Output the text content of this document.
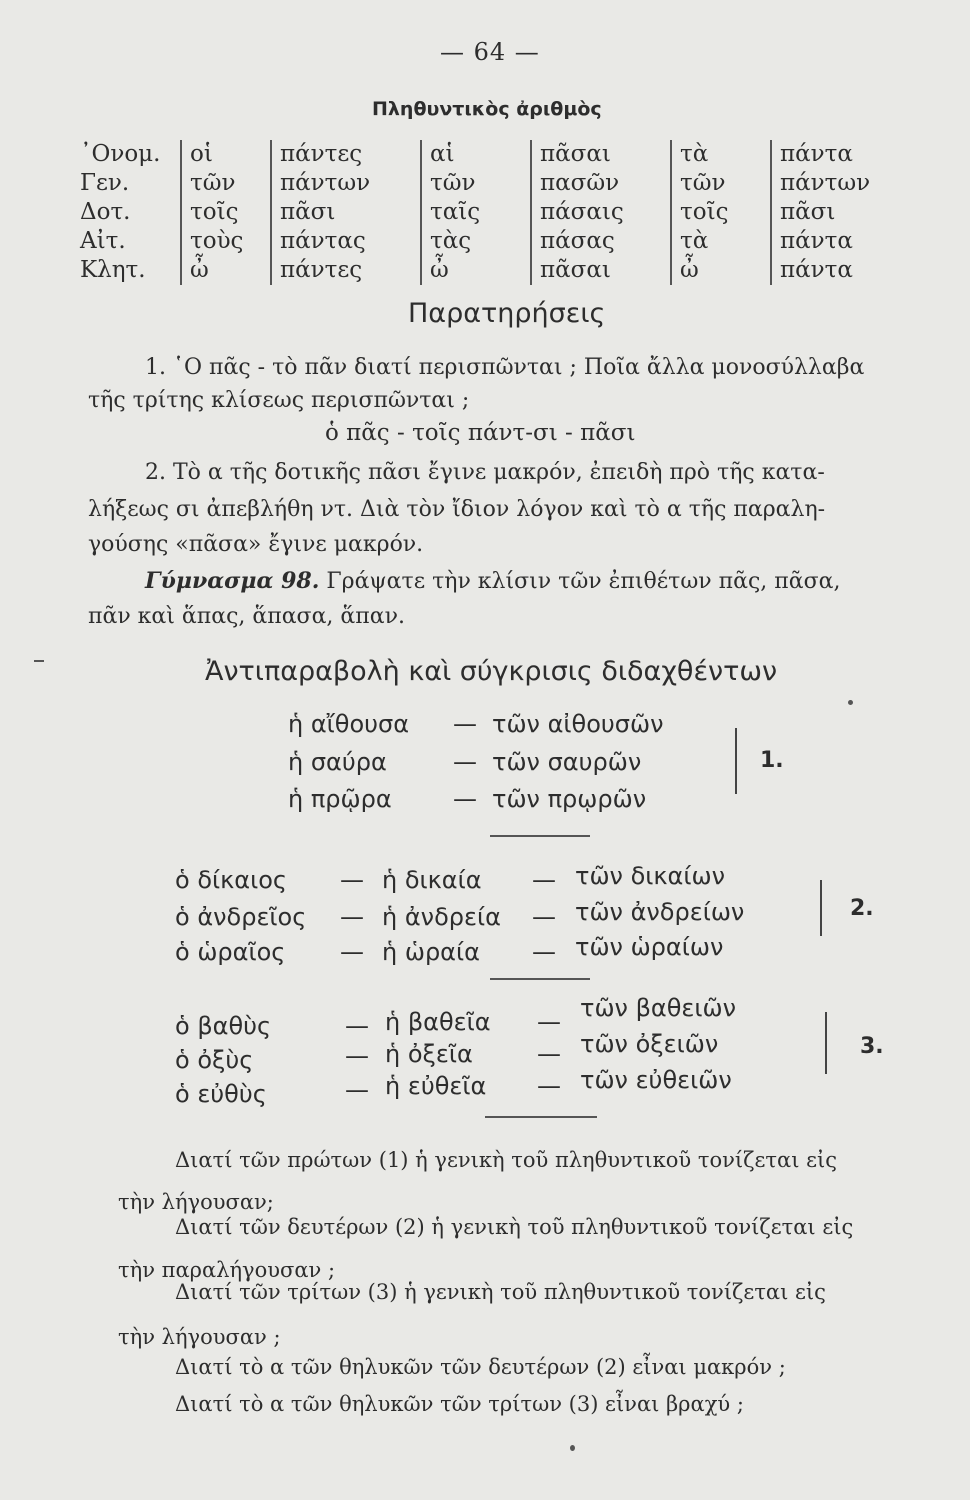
— 64 —
Πληθυντικὸς ἀριθμὸς
᾿Ονομ.	οἱ	πάντες	αἱ	πᾶσαι	τὰ	πάντα
Γεν.	τῶν	πάντων	τῶν	πασῶν	τῶν	πάντων
Δοτ.	τοῖς	πᾶσι	ταῖς	πάσαις	τοῖς	πᾶσι
Αἰτ.	τοὺς	πάντας	τὰς	πάσας	τὰ	πάντα
Κλητ.	ὦ	πάντες	ὦ	πᾶσαι	ὦ	πάντα
Παρατηρήσεις
1. ῾Ο πᾶς - τὸ πᾶν διατί περισπῶνται ; Ποῖα ἄλλα μονοσύλλαβα
τῆς τρίτης κλίσεως περισπῶνται ;
ὁ πᾶς - τοῖς πάντ-σι - πᾶσι
2. Τὸ α τῆς δοτικῆς πᾶσι ἔγινε μακρόν, ἐπειδὴ πρὸ τῆς κατα-
λήξεως σι ἀπεβλήθη ντ. Διὰ τὸν ἴδιον λόγον καὶ τὸ α τῆς παραλη-
γούσης «πᾶσα» ἔγινε μακρόν.
Γύμνασμα 98. Γράψατε τὴν κλίσιν τῶν ἐπιθέτων πᾶς, πᾶσα,
πᾶν καὶ ἅπας, ἅπασα, ἅπαν.
Ἀντιπαραβολὴ καὶ σύγκρισις διδαχθέντων
ἡ αἴθουσα — τῶν αἰθουσῶν
ἡ σαύρα	— τῶν σαυρῶν
ἡ πρῷρα	— τῶν πρῳρῶν
1.
ὁ δίκαιος — ἡ δικαία — τῶν δικαίων
ὁ ἀνδρεῖος — ἡ ἀνδρεία — τῶν ἀνδρείων
ὁ ὡραῖος — ἡ ὡραία — τῶν ὡραίων
2.
ὁ βαθὺς	— ἡ βαθεῖα — τῶν βαθειῶν
ὁ ὀξὺς	— ἡ ὀξεῖα	— τῶν ὀξειῶν
ὁ εὐθὺς	— ἡ εὐθεῖα — τῶν εὐθειῶν
3.
Διατί τῶν πρώτων (1) ἡ γενικὴ τοῦ πληθυντικοῦ τονίζεται εἰς
τὴν λήγουσαν;
Διατί τῶν δευτέρων (2) ἡ γενικὴ τοῦ πληθυντικοῦ τονίζεται εἰς
τὴν παραλήγουσαν ;
Διατί τῶν τρίτων (3) ἡ γενικὴ τοῦ πληθυντικοῦ τονίζεται εἰς
τὴν λήγουσαν ;
Διατί τὸ α τῶν θηλυκῶν τῶν δευτέρων (2) εἶναι μακρόν ;
Διατί τὸ α τῶν θηλυκῶν τῶν τρίτων (3) εἶναι βραχύ ;
